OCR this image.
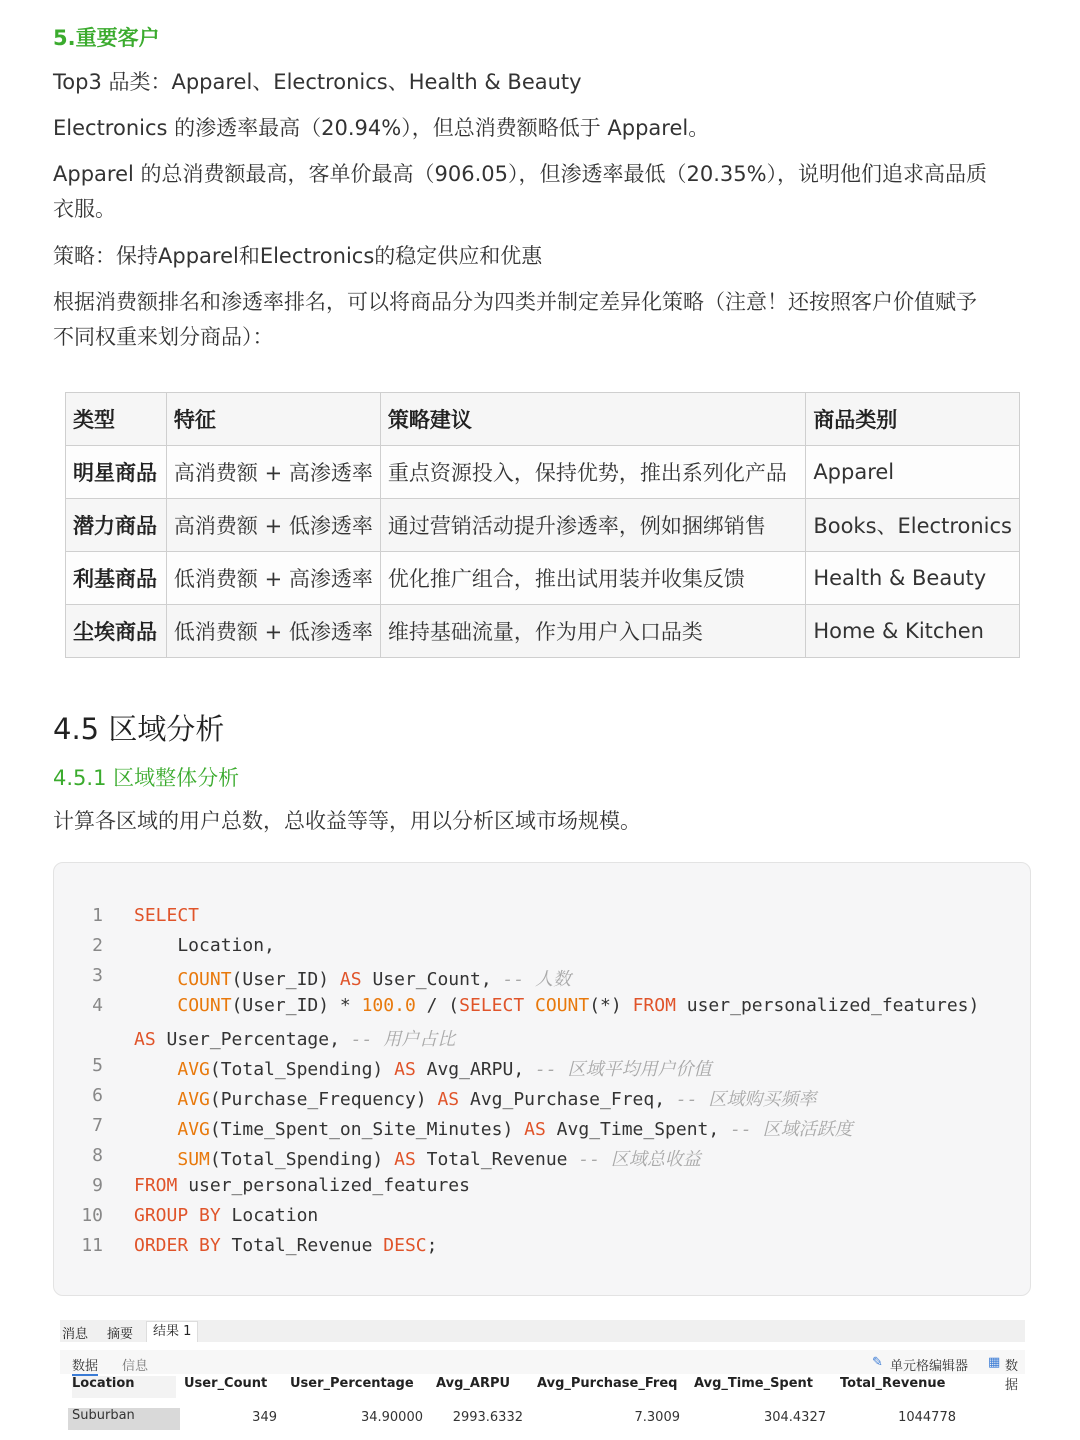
5.重要客户
Top3 品类：Apparel、Electronics、Health & Beauty
Electronics 的渗透率最高（20.94%），但总消费额略低于 Apparel。
Apparel 的总消费额最高，客单价最高（906.05），但渗透率最低（20.35%），说明他们追求高品质
衣服。
策略：保持Apparel和Electronics的稳定供应和优惠
根据消费额排名和渗透率排名，可以将商品分为四类并制定差异化策略（注意！还按照客户价值赋予
不同权重来划分商品）：
类型	特征	策略建议	商品类别
明星商品	高消费额 + 高渗透率	重点资源投入，保持优势，推出系列化产品	Apparel
潜力商品	高消费额 + 低渗透率	通过营销活动提升渗透率，例如捆绑销售	Books、Electronics
利基商品	低消费额 + 高渗透率	优化推广组合，推出试用装并收集反馈	Health & Beauty
尘埃商品	低消费额 + 低渗透率	维持基础流量，作为用户入口品类	Home & Kitchen
4.5 区域分析
4.5.1 区域整体分析
计算各区域的用户总数，总收益等等，用以分析区域市场规模。
1
2
3
4
5
6
7
8
9
10
11
SELECT
Location,
COUNT(User_ID) AS User_Count, -- 人数
COUNT(User_ID) * 100.0 / (SELECT COUNT(*) FROM user_personalized_features)
AS User_Percentage, -- 用户占比
AVG(Total_Spending) AS Avg_ARPU, -- 区域平均用户价值
AVG(Purchase_Frequency) AS Avg_Purchase_Freq, -- 区域购买频率
AVG(Time_Spent_on_Site_Minutes) AS Avg_Time_Spent, -- 区域活跃度
SUM(Total_Spending) AS Total_Revenue -- 区域总收益
FROM user_personalized_features
GROUP BY Location
ORDER BY Total_Revenue DESC;
消息 摘要	结果 1
数据 信息	✎ 单元格编辑器 ▦ 数据
Location	User_Count User_Percentage Avg_ARPU Avg_Purchase_Freq Avg_Time_Spent Total_Revenue
Suburban	349	34.90000	2993.6332	7.3009	304.4327	1044778
